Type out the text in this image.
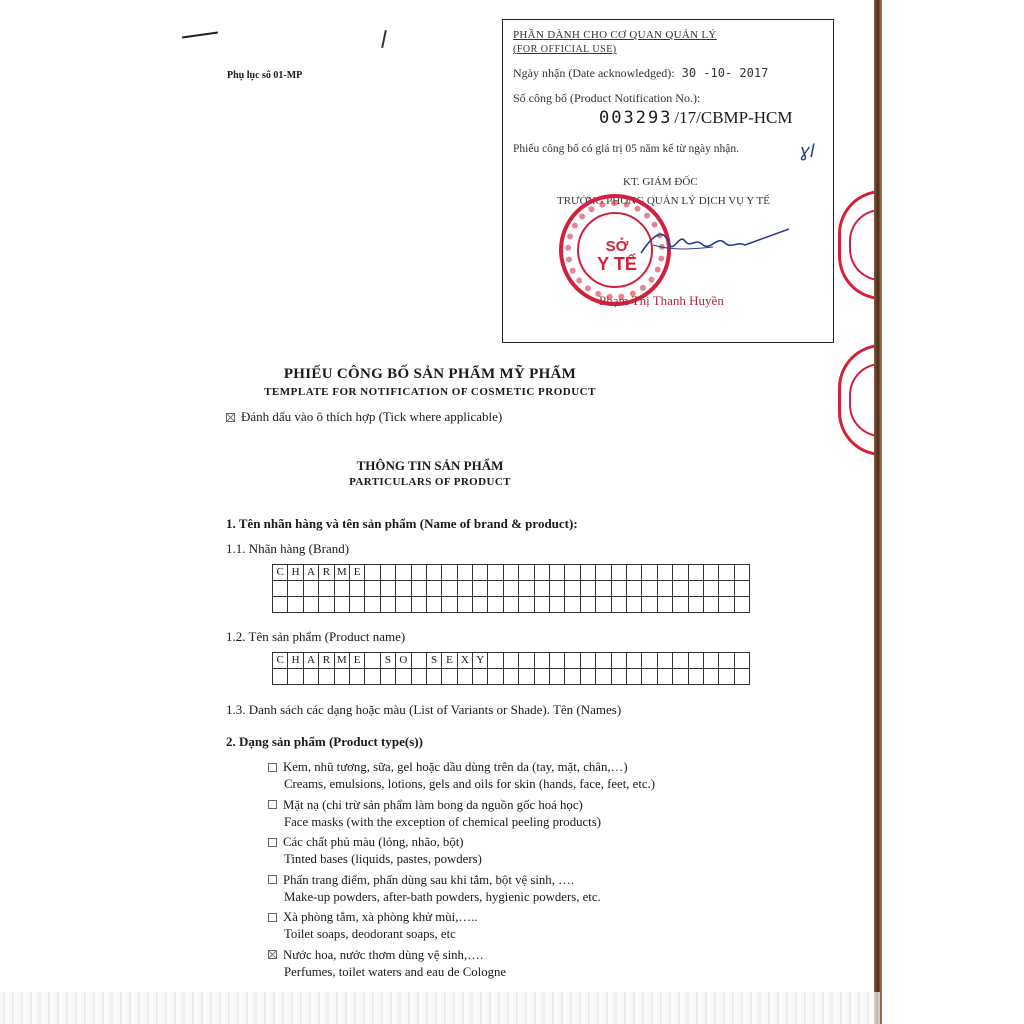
Phụ lục số 01-MP
PHẦN DÀNH CHO CƠ QUAN QUẢN LÝ
(FOR OFFICIAL USE)
Ngày nhận (Date acknowledged): 30 -10- 2017
Số công bố (Product Notification No.):
003293 /17/CBMP-HCM
Phiếu công bố có giá trị 05 năm kể từ ngày nhận.	ɣl
KT. GIÁM ĐỐC
TRƯỞNG PHÒNG QUẢN LÝ DỊCH VỤ Y TẾ
SỞ
Y TẾ
Phạm Thị Thanh Huyền
PHIẾU CÔNG BỐ SẢN PHẨM MỸ PHẨM
TEMPLATE FOR NOTIFICATION OF COSMETIC PRODUCT
Đánh dấu vào ô thích hợp (Tick where applicable)
THÔNG TIN SẢN PHẨM
PARTICULARS OF PRODUCT
1. Tên nhãn hàng và tên sản phẩm (Name of brand & product):
1.1. Nhãn hàng (Brand)
C	H	A	R	M	E																									

1.2. Tên sản phẩm (Product name)
C	H	A	R	M	E		S	O		S	E	X	Y																	

1.3. Danh sách các dạng hoặc màu (List of Variants or Shade). Tên (Names)
2. Dạng sản phẩm (Product type(s))
Kem, nhũ tương, sữa, gel hoặc dầu dùng trên da (tay, mặt, chân,…)
Creams, emulsions, lotions, gels and oils for skin (hands, face, feet, etc.)
Mặt nạ (chỉ trừ sản phẩm làm bong da nguồn gốc hoá học)
Face masks (with the exception of chemical peeling products)
Các chất phủ màu (lỏng, nhão, bột)
Tinted bases (liquids, pastes, powders)
Phấn trang điểm, phấn dùng sau khi tắm, bột vệ sinh, ….
Make-up powders, after-bath powders, hygienic powders, etc.
Xà phòng tắm, xà phòng khử mùi,…..
Toilet soaps, deodorant soaps, etc
Nước hoa, nước thơm dùng vệ sinh,….
Perfumes, toilet waters and eau de Cologne
